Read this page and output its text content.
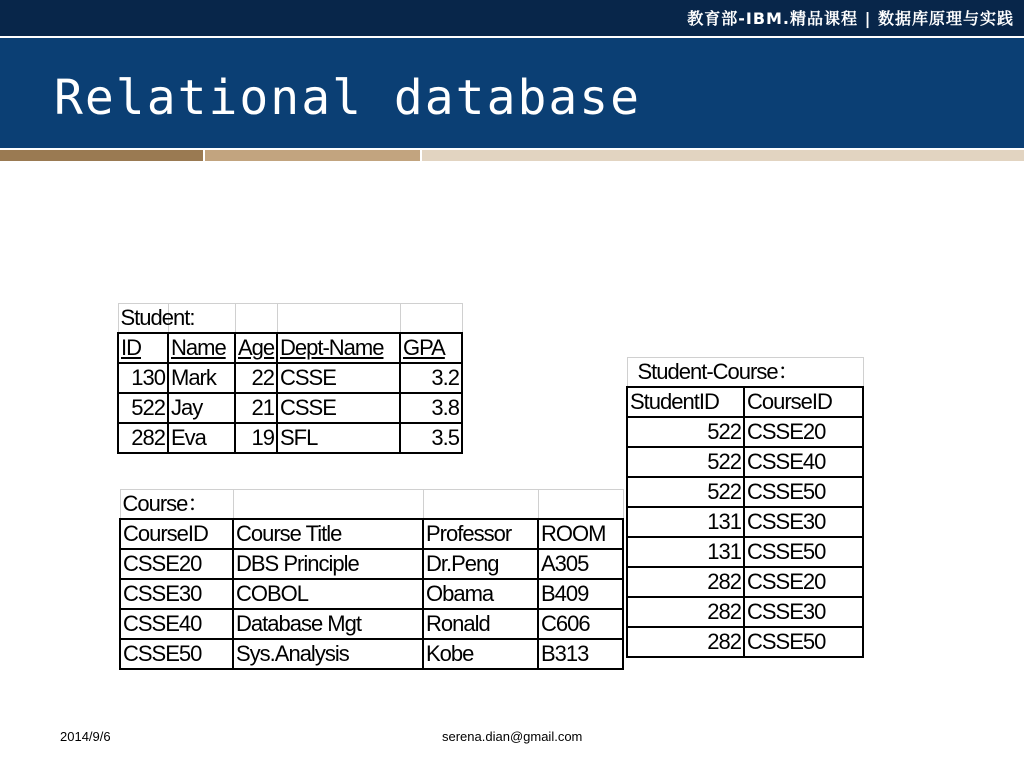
教育部-IBM.精品课程 | 数据库原理与实践
Relational database
Student:				
ID	Name	Age	Dept-Name	GPA
130	Mark	22	CSSE	3.2
522	Jay	21	CSSE	3.8
282	Eva	19	SFL	3.5
Course：			
CourseID	Course Title	Professor	ROOM
CSSE20	DBS Principle	Dr.Peng	A305
CSSE30	COBOL	Obama	B409
CSSE40	Database Mgt	Ronald	C606
CSSE50	Sys.Analysis	Kobe	B313
Student-Course：	
StudentID	CourseID
522	CSSE20
522	CSSE40
522	CSSE50
131	CSSE30
131	CSSE50
282	CSSE20
282	CSSE30
282	CSSE50
2014/9/6	serena.dian@gmail.com
